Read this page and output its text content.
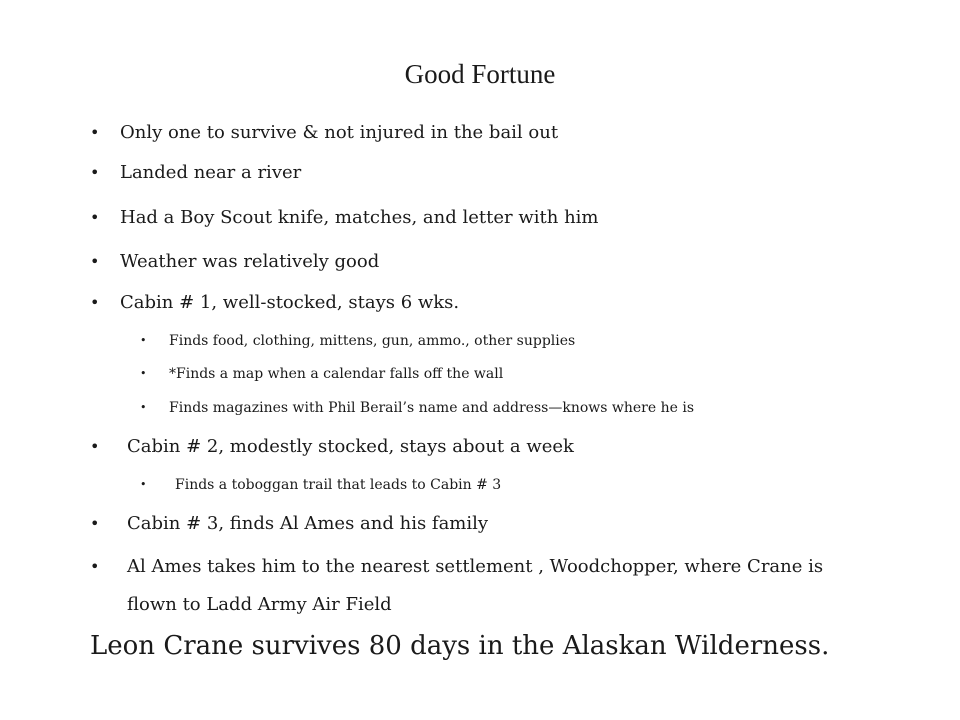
Good Fortune
• Only one to survive & not injured in the bail out
• Landed near a river
• Had a Boy Scout knife, matches, and letter with him
• Weather was relatively good
• Cabin # 1, well-stocked, stays 6 wks.
• Finds food, clothing, mittens, gun, ammo., other supplies
• *Finds a map when a calendar falls off the wall
• Finds magazines with Phil Berail’s name and address—knows where he is
• Cabin # 2, modestly stocked, stays about a week
• Finds a toboggan trail that leads to Cabin # 3
• Cabin # 3, finds Al Ames and his family
• Al Ames takes him to the nearest settlement , Woodchopper, where Crane is
flown to Ladd Army Air Field

Leon Crane survives 80 days in the Alaskan Wilderness.
